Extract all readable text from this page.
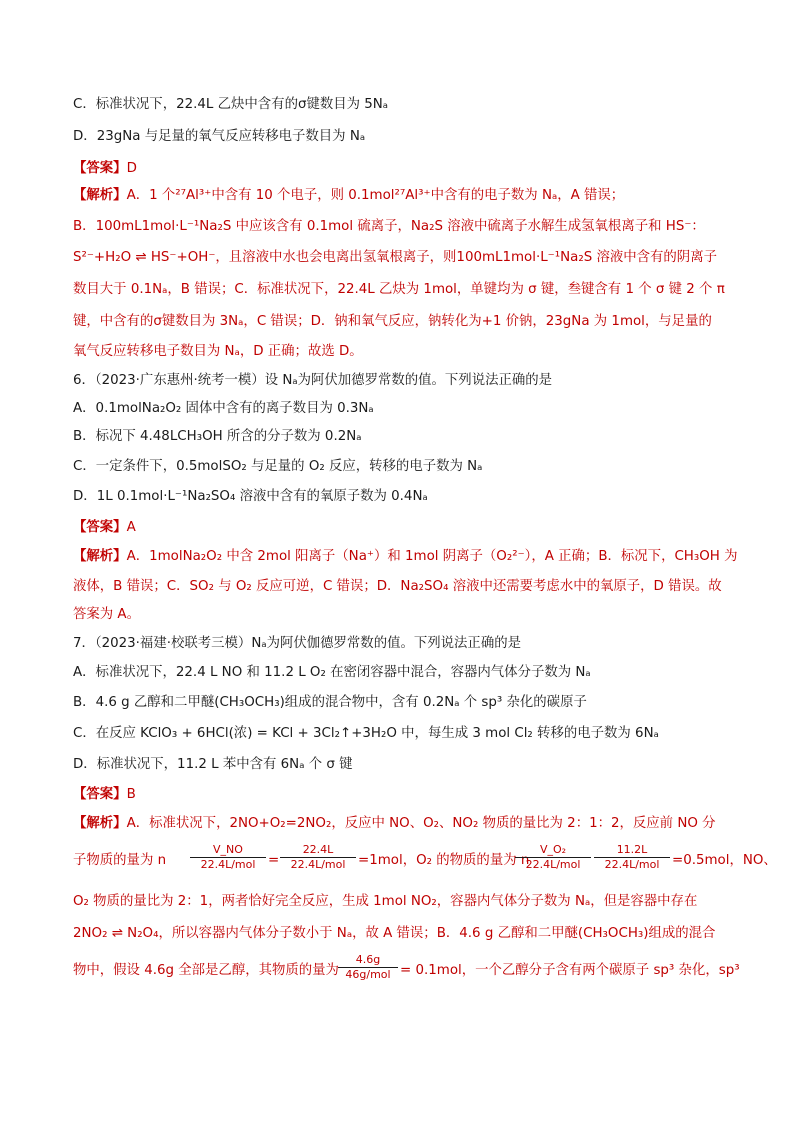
C．标准状况下，22.4L 乙炔中含有的σ键数目为 5Nₐ
D．23gNa 与足量的氧气反应转移电子数目为 Nₐ
【答案】D
【解析】A．1 个²⁷Al³⁺中含有 10 个电子，则 0.1mol²⁷Al³⁺中含有的电子数为 Nₐ，A 错误；
B．100mL1mol·L⁻¹Na₂S 中应该含有 0.1mol 硫离子，Na₂S 溶液中硫离子水解生成氢氧根离子和 HS⁻：
S²⁻+H₂O ⇌ HS⁻+OH⁻，且溶液中水也会电离出氢氧根离子，则100mL1mol·L⁻¹Na₂S 溶液中含有的阴离子
数目大于 0.1Nₐ，B 错误；C．标准状况下，22.4L 乙炔为 1mol，单键均为 σ 键，叁键含有 1 个 σ 键 2 个 π
键，中含有的σ键数目为 3Nₐ，C 错误；D．钠和氧气反应，钠转化为+1 价钠，23gNa 为 1mol，与足量的
氧气反应转移电子数目为 Nₐ，D 正确；故选 D。
6．（2023·广东惠州·统考一模）设 Nₐ为阿伏加德罗常数的值。下列说法正确的是
A．0.1molNa₂O₂ 固体中含有的离子数目为 0.3Nₐ
B．标况下 4.48LCH₃OH 所含的分子数为 0.2Nₐ
C．一定条件下，0.5molSO₂ 与足量的 O₂ 反应，转移的电子数为 Nₐ
D．1L 0.1mol·L⁻¹Na₂SO₄ 溶液中含有的氧原子数为 0.4Nₐ
【答案】A
【解析】A．1molNa₂O₂ 中含 2mol 阳离子（Na⁺）和 1mol 阴离子（O₂²⁻），A 正确；B．标况下，CH₃OH 为
液体，B 错误；C．SO₂ 与 O₂ 反应可逆，C 错误；D．Na₂SO₄ 溶液中还需要考虑水中的氧原子，D 错误。故
答案为 A。
7．（2023·福建·校联考三模）Nₐ为阿伏伽德罗常数的值。下列说法正确的是
A．标准状况下，22.4 L NO 和 11.2 L O₂ 在密闭容器中混合，容器内气体分子数为 Nₐ
B．4.6 g 乙醇和二甲醚(CH₃OCH₃)组成的混合物中，含有 0.2Nₐ 个 sp³ 杂化的碳原子
C．在反应 KClO₃ + 6HCl(浓) = KCl + 3Cl₂↑+3H₂O 中，每生成 3 mol Cl₂ 转移的电子数为 6Nₐ
D．标准状况下，11.2 L 苯中含有 6Nₐ 个 σ 键
【答案】B
【解析】A．标准状况下，2NO+O₂=2NO₂，反应中 NO、O₂、NO₂ 物质的量比为 2：1：2，反应前 NO 分
子物质的量为 n
V_NO
22.4L/mol =
22.4L
22.4L/mol =1mol，O₂ 的物质的量为 n
V_O₂
22.4L/mol
11.2L
22.4L/mol =0.5mol，NO、
O₂ 物质的量比为 2：1，两者恰好完全反应，生成 1mol NO₂，容器内气体分子数为 Nₐ，但是容器中存在
2NO₂ ⇌ N₂O₄，所以容器内气体分子数小于 Nₐ，故 A 错误；B．4.6 g 乙醇和二甲醚(CH₃OCH₃)组成的混合
物中，假设 4.6g 全部是乙醇，其物质的量为
4.6g
46g/mol = 0.1mol，一个乙醇分子含有两个碳原子 sp³ 杂化，sp³
